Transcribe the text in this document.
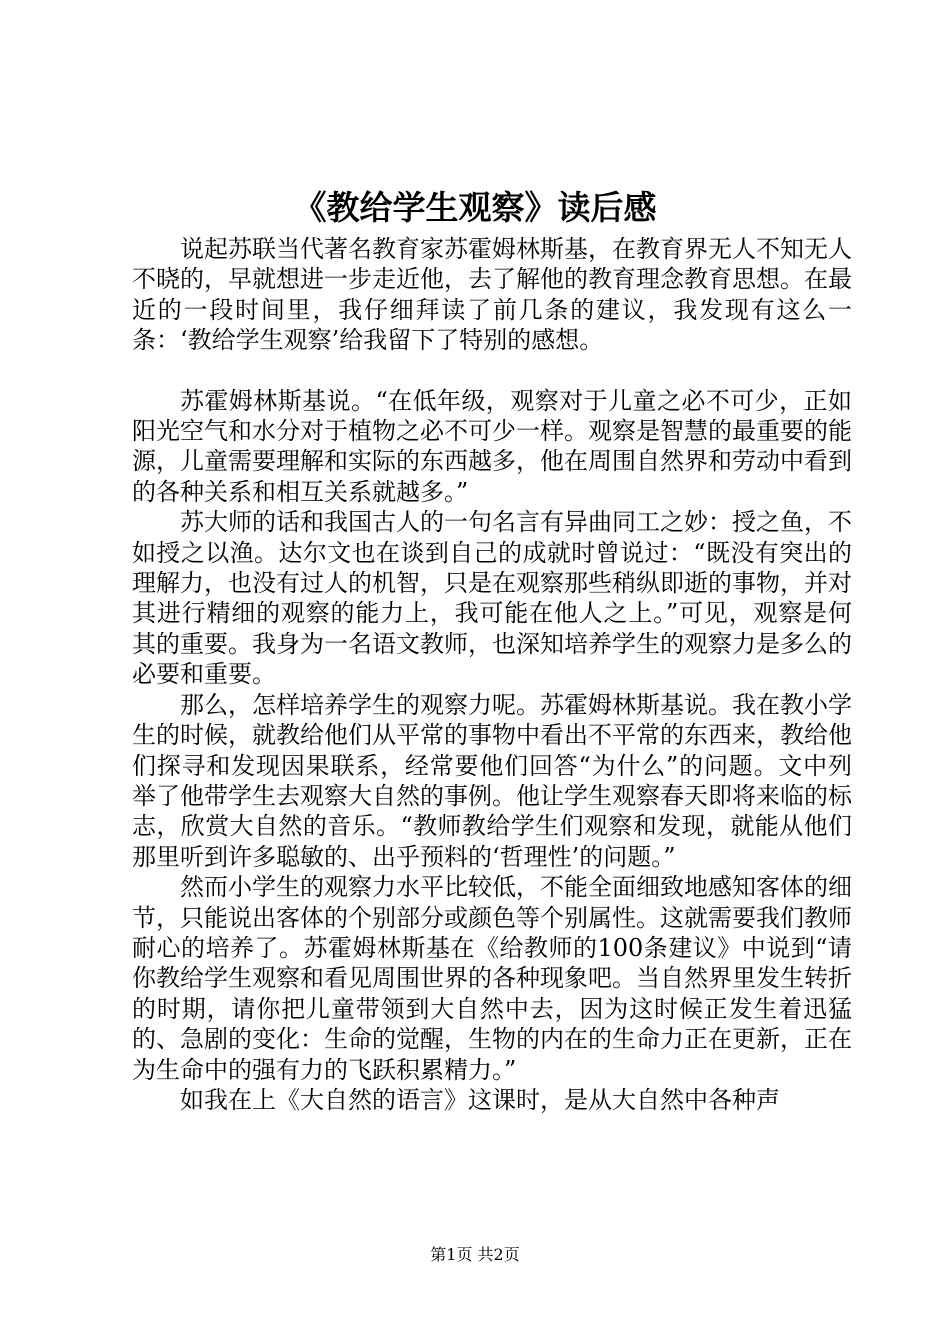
《教给学生观察》读后感

说起苏联当代著名教育家苏霍姆林斯基，在教育界无人不知无人不晓的，早就想进一步走近他，去了解他的教育理念教育思想。在最近的一段时间里，我仔细拜读了前几条的建议，我发现有这么一条：‘教给学生观察’给我留下了特别的感想。

苏霍姆林斯基说。“在低年级，观察对于儿童之必不可少，正如阳光空气和水分对于植物之必不可少一样。观察是智慧的最重要的能源，儿童需要理解和实际的东西越多，他在周围自然界和劳动中看到的各种关系和相互关系就越多。”

苏大师的话和我国古人的一句名言有异曲同工之妙：授之鱼，不如授之以渔。达尔文也在谈到自己的成就时曾说过：“既没有突出的理解力，也没有过人的机智，只是在观察那些稍纵即逝的事物，并对其进行精细的观察的能力上，我可能在他人之上。”可见，观察是何其的重要。我身为一名语文教师，也深知培养学生的观察力是多么的必要和重要。

那么，怎样培养学生的观察力呢。苏霍姆林斯基说。我在教小学生的时候，就教给他们从平常的事物中看出不平常的东西来，教给他们探寻和发现因果联系，经常要他们回答“为什么”的问题。文中列举了他带学生去观察大自然的事例。他让学生观察春天即将来临的标志，欣赏大自然的音乐。“教师教给学生们观察和发现，就能从他们那里听到许多聪敏的、出乎预料的‘哲理性’的问题。”

然而小学生的观察力水平比较低，不能全面细致地感知客体的细节，只能说出客体的个别部分或颜色等个别属性。这就需要我们教师耐心的培养了。苏霍姆林斯基在《给教师的100条建议》中说到“请你教给学生观察和看见周围世界的各种现象吧。当自然界里发生转折的时期，请你把儿童带领到大自然中去，因为这时候正发生着迅猛的、急剧的变化：生命的觉醒，生物的内在的生命力正在更新，正在为生命中的强有力的飞跃积累精力。”

如我在上《大自然的语言》这课时，是从大自然中各种声

第1页 共2页
